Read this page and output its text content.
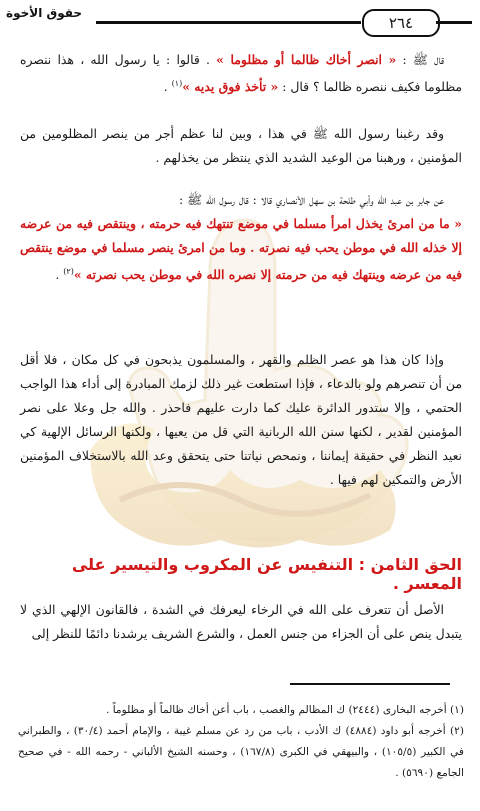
حقوق الأخوة
٢٦٤

قال ﷺ : « انصر أخاك ظالما أو مظلوما » . قالوا : يا رسول الله ، هذا ننصره مظلوما فكيف ننصره ظالما ؟ قال : « تأخذ فوق يديه »$^{(١)}$ .

وقد رغبنا رسول الله ﷺ في هذا ، وبين لنا عظم أجر من ينصر المظلومين من المؤمنين ، ورهبنا من الوعيد الشديد الذي ينتظر من يخذلهم .

عن جابر بن عبد الله وأبي طلحة بن سهل الأنصاري قالا : قال رسول الله ﷺ :

« ما من امرئ يخذل امرأ مسلما في موضع تنتهك فيه حرمته ، وينتقص فيه من عرضه إلا خذله الله في موطن يحب فيه نصرته . وما من امرئ ينصر مسلما في موضع ينتقص فيه من عرضه وينتهك فيه من حرمته إلا نصره الله في موطن يحب نصرته »$^{(٢)}$ .

وإذا كان هذا هو عصر الظلم والقهر ، والمسلمون يذبحون في كل مكان ، فلا أقل من أن تنصرهم ولو بالدعاء ، فإذا استطعت غير ذلك لزمك المبادرة إلى أداء هذا الواجب الحتمي ، وإلا ستدور الدائرة عليك كما دارت عليهم فاحذر . والله جل وعلا على نصر المؤمنين لقدير ، لكنها سنن الله الربانية التي قل من يعيها ، ولكنها الرسائل الإلهية كي نعيد النظر في حقيقة إيماننا ، ونمحص نياتنا حتى يتحقق وعد الله بالاستخلاف المؤمنين الأرض والتمكين لهم فيها .

الحق الثامن : التنفيس عن المكروب والتيسير على المعسر .

الأصل أن تتعرف على الله في الرخاء ليعرفك في الشدة ، فالقانون الإلهي الذي لا يتبدل ينص على أن الجزاء من جنس العمل ، والشرع الشريف يرشدنا دائمًا للنظر إلى

(١) أخرجه البخارى (٢٤٤٤) ك المظالم والغصب ، باب أعن أخاك ظالماً أو مظلوماً .

(٢) أخرجه أبو داود (٤٨٨٤) ك الأدب ، باب من رد عن مسلم غيبة ، والإمام أحمد (٣٠/٤) ، والطبراني في الكبير (١٠٥/٥) ، والبيهقي في الكبرى (١٦٧/٨) ، وحسنه الشيخ الألباني - رحمه الله - في صحيح الجامع (٥٦٩٠) .
